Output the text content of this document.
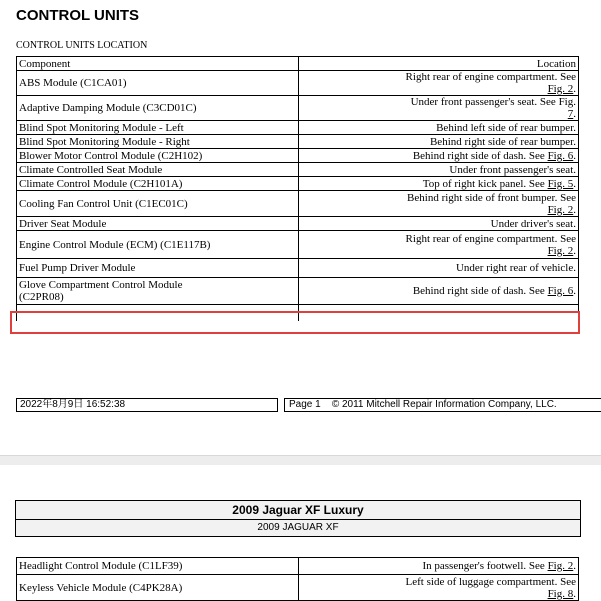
CONTROL UNITS
CONTROL UNITS LOCATION
Component	Location
ABS Module (C1CA01)	Right rear of engine compartment. See
Fig. 2.
Adaptive Damping Module (C3CD01C)	Under front passenger's seat. See Fig.
7.
Blind Spot Monitoring Module - Left	Behind left side of rear bumper.
Blind Spot Monitoring Module - Right	Behind right side of rear bumper.
Blower Motor Control Module (C2H102)	Behind right side of dash. See Fig. 6.
Climate Controlled Seat Module	Under front passenger's seat.
Climate Control Module (C2H101A)	Top of right kick panel. See Fig. 5.
Cooling Fan Control Unit (C1EC01C)	Behind right side of front bumper. See
Fig. 2.
Driver Seat Module	Under driver's seat.
Engine Control Module (ECM) (C1E117B)	Right rear of engine compartment. See
Fig. 2.
Fuel Pump Driver Module	Under right rear of vehicle.
Glove Compartment Control Module
(C2PR08)	Behind right side of dash. See Fig. 6.

2022年8月9日 16:52:38	Page 1 © 2011 Mitchell Repair Information Company, LLC.
2009 Jaguar XF Luxury
2009 JAGUAR XF
Headlight Control Module (C1LF39)	In passenger's footwell. See Fig. 2.
Keyless Vehicle Module (C4PK28A)	Left side of luggage compartment. See
Fig. 8.
